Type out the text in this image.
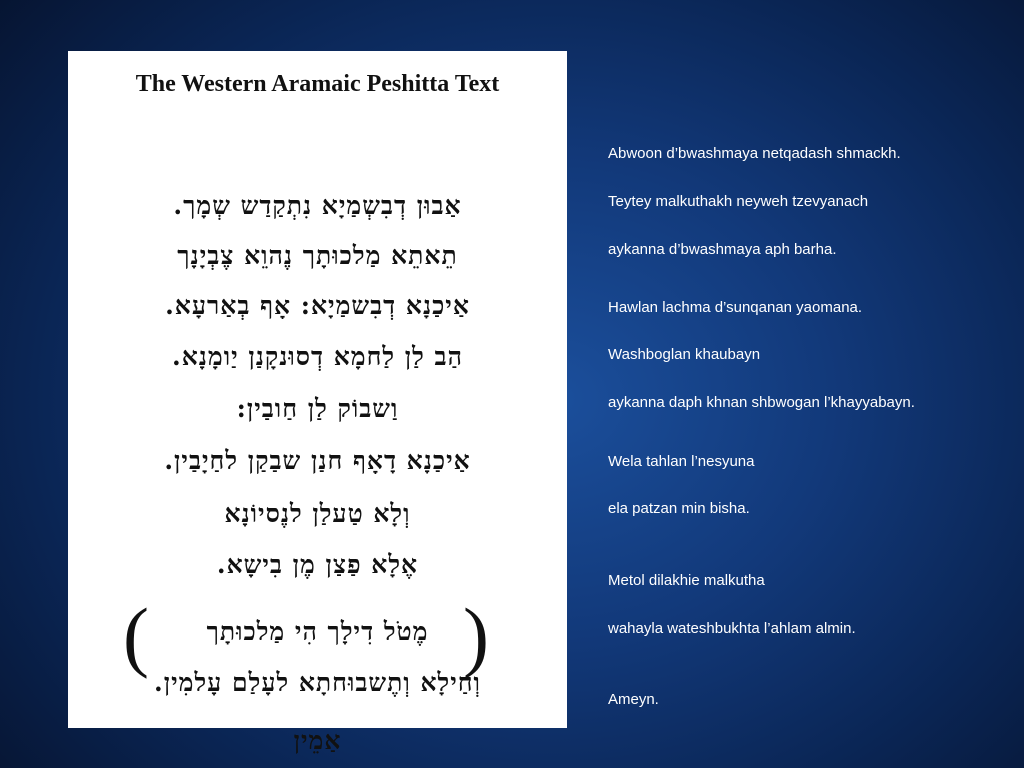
The Western Aramaic Peshitta Text
אַבוּן דְבִשְמַיָא נִתְקַדַש שְמָך.
תֵאתֵא מַלכוּתָך נֶהוֵא צֶבְיָנָך
אַיכַנָא דְבִשמַיָא: אָף בְאַרעָא.
הַב לַן לַחמָא דְסוּנקָנַן יַומָנָא.
וַשבוֹק לַן חַובַין:
אַיכַנָא דָאָף חנַן שבַקַן לחַיָבַין.
וְלָא טַעלַן לנֶסיוֹנָא
אֶלָא פַצַן מֶן בִישָא.
מֶטֹל דִילָך הִי מַלכוּתָך
וְחַילָא וְתֶשבוּחתָא לעָלַם עָלמִין.
אַמֵין
(	)

Abwoon d’bwashmaya netqadash shmackh.

Teytey malkuthakh neyweh tzevyanach

aykanna d’bwashmaya aph barha.

Hawlan lachma d’sunqanan yaomana.

Washboglan khaubayn

aykanna daph khnan shbwogan l’khayyabayn.

Wela tahlan l’nesyuna

ela patzan min bisha.

Metol dilakhie malkutha

wahayla wateshbukhta l’ahlam almin.

Ameyn.
